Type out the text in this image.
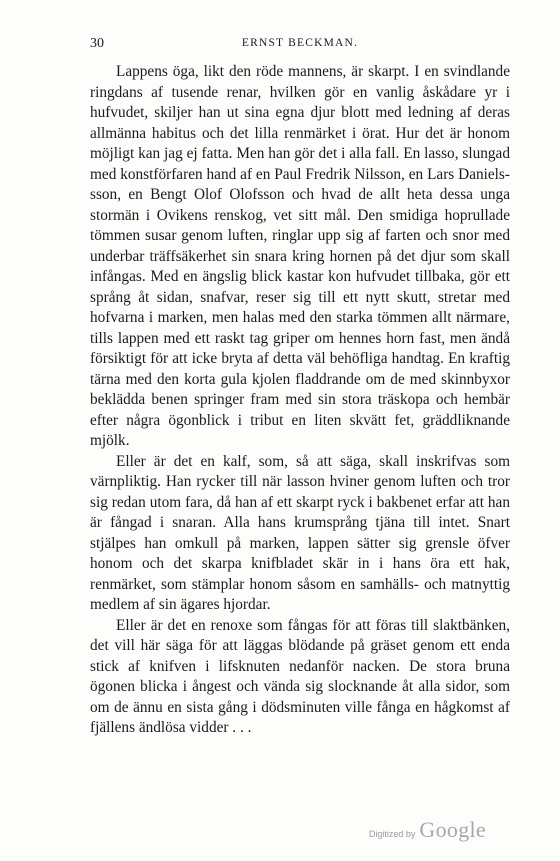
30	ERNST BECKMAN.

Lappens öga, likt den röde mannens, är skarpt. I en svindlande ringdans af tusende renar, hvilken gör en vanlig åskådare yr i hufvudet, skiljer han ut sina egna djur blott med ledning af deras allmänna habitus och det lilla renmärket i örat. Hur det är honom möjligt kan jag ej fatta. Men han gör det i alla fall. En lasso, slungad med konstförfaren hand af en Paul Fredrik Nilsson, en Lars Danielssson, en Bengt Olof Olofsson och hvad de allt heta dessa unga stormän i Ovikens renskog, vet sitt mål. Den smidiga hoprullade tömmen susar genom luften, ringlar upp sig af farten och snor med underbar träffsäkerhet sin snara kring hornen på det djur som skall infångas. Med en ängslig blick kastar kon hufvudet tillbaka, gör ett språng åt sidan, snafvar, reser sig till ett nytt skutt, stretar med hofvarna i marken, men halas med den starka tömmen allt närmare, tills lappen med ett raskt tag griper om hennes horn fast, men ändå försiktigt för att icke bryta af detta väl behöfliga handtag. En kraftig tärna med den korta gula kjolen fladdrande om de med skinnbyxor beklädda benen springer fram med sin stora träskopa och hembär efter några ögonblick i tribut en liten skvätt fet, gräddliknande mjölk.

Eller är det en kalf, som, så att säga, skall inskrifvas som värnpliktig. Han rycker till när lasson hviner genom luften och tror sig redan utom fara, då han af ett skarpt ryck i bakbenet erfar att han är fångad i snaran. Alla hans krumsprång tjäna till intet. Snart stjälpes han omkull på marken, lappen sätter sig grensle öfver honom och det skarpa knifbladet skär in i hans öra ett hak, renmärket, som stämplar honom såsom en samhälls- och matnyttig medlem af sin ägares hjordar.

Eller är det en renoxe som fångas för att föras till slaktbänken, det vill här säga för att läggas blödande på gräset genom ett enda stick af knifven i lifsknuten nedanför nacken. De stora bruna ögonen blicka i ångest och vända sig slocknande åt alla sidor, som om de ännu en sista gång i dödsminuten ville fånga en hågkomst af fjällens ändlösa vidder . . .

Digitized by Google
